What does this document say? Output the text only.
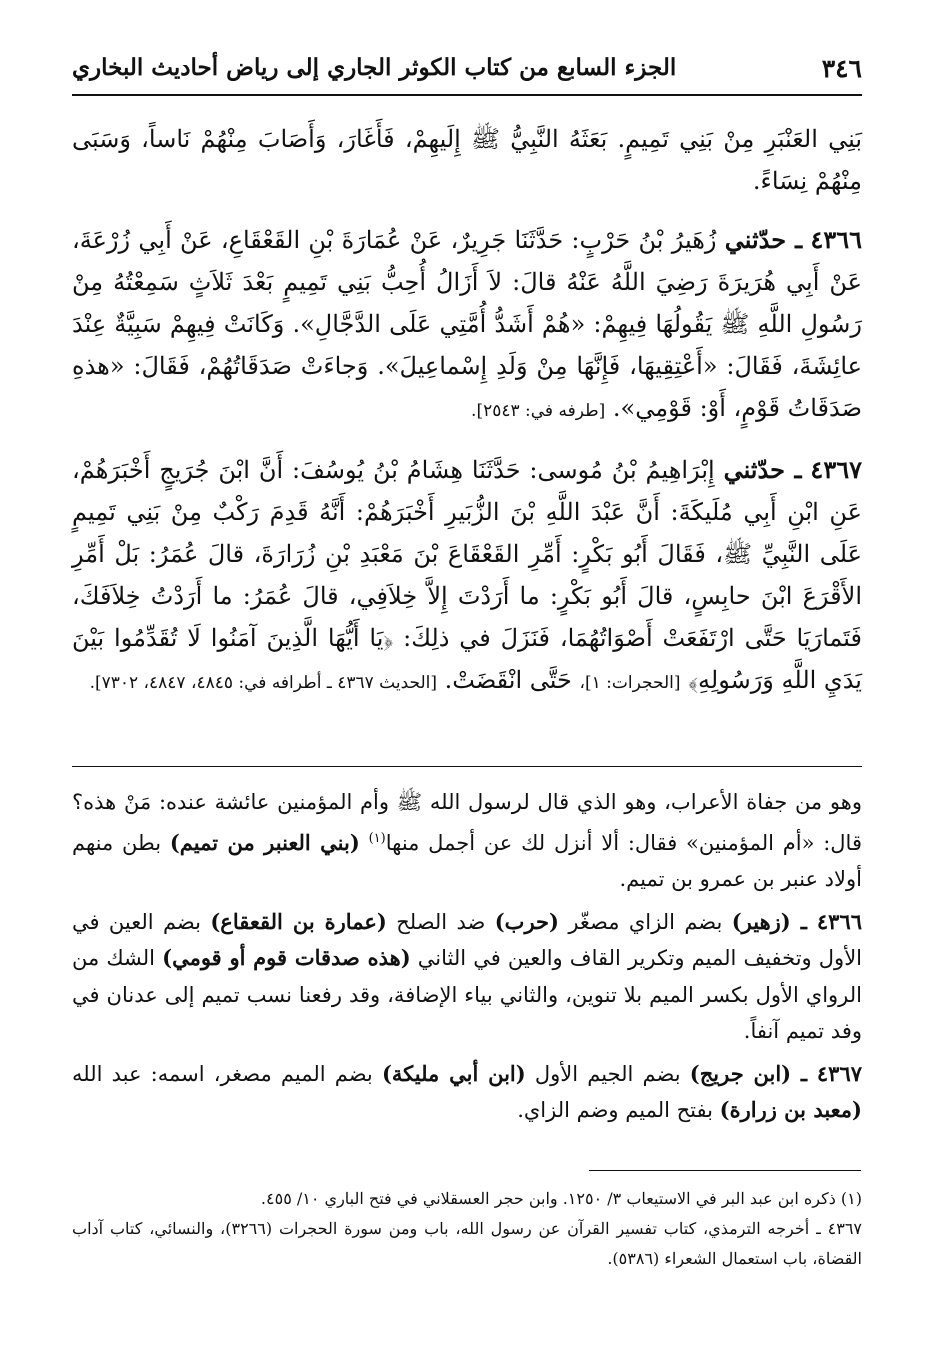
٣٤٦
الجزء السابع من كتاب الكوثر الجاري إلى رياض أحاديث البخاري

بَنِي العَنْبَرِ مِنْ بَنِي تَمِيمٍ. بَعَثَهُ النَّبِيُّ ﷺ إِلَيهِمْ، فَأَغَارَ، وَأَصَابَ مِنْهُمْ نَاساً، وَسَبَى مِنْهُمْ نِسَاءً.

٤٣٦٦ ـ حدّثني زُهَيرُ بْنُ حَرْبٍ: حَدَّثَنَا جَرِيرٌ، عَنْ عُمَارَةَ بْنِ القَعْقَاعِ، عَنْ أَبِي زُرْعَةَ، عَنْ أَبِي هُرَيرَةَ رَضِيَ اللَّهُ عَنْهُ قالَ: لاَ أَزَالُ أُحِبُّ بَنِي تَمِيمٍ بَعْدَ ثَلاَثٍ سَمِعْتُهُ مِنْ رَسُولِ اللَّهِ ﷺ يَقُولُهَا فِيهِمْ: «هُمْ أَشَدُّ أُمَّتِي عَلَى الدَّجَّالِ». وَكَانَتْ فِيهِمْ سَبِيَّةٌ عِنْدَ عائِشَةَ، فَقَالَ: «أَعْتِقِيهَا، فَإِنَّهَا مِنْ وَلَدِ إِسْماعِيلَ». وَجاءَتْ صَدَقَاتُهُمْ، فَقَالَ: «هذهِ صَدَقَاتُ قَوْمٍ، أَوْ: قَوْمِي». [طرفه في: ٢٥٤٣].

٤٣٦٧ ـ حدّثني إِبْرَاهِيمُ بْنُ مُوسى: حَدَّثَنَا هِشَامُ بْنُ يُوسُفَ: أَنَّ ابْنَ جُرَيجٍ أَخْبَرَهُمْ، عَنِ ابْنِ أَبِي مُلَيكَةَ: أَنَّ عَبْدَ اللَّهِ بْنَ الزُّبَيرِ أَخْبَرَهُمْ: أَنَّهُ قَدِمَ رَكْبٌ مِنْ بَنِي تَمِيمٍ عَلَى النَّبِيِّ ﷺ، فَقَالَ أَبُو بَكْرٍ: أَمِّرِ القَعْقَاعَ بْنَ مَعْبَدِ بْنِ زُرَارَةَ، قالَ عُمَرُ: بَلْ أَمِّرِ الأَقْرَعَ ابْنَ حابِسٍ، قالَ أَبُو بَكْرٍ: ما أَرَدْتَ إِلاَّ خِلاَفِي، قالَ عُمَرُ: ما أَرَدْتُ خِلاَفَكَ، فَتَمارَيَا حَتَّى ارْتَفَعَتْ أَصْوَاتُهُمَا، فَنَزَلَ في ذلِكَ: ﴿يَا أَيُّهَا الَّذِينَ آمَنُوا لَا تُقَدِّمُوا بَيْنَ يَدَيِ اللَّهِ وَرَسُولِهِ﴾ [الحجرات: ١]، حَتَّى انْقَضَتْ. [الحديث ٤٣٦٧ ـ أطرافه في: ٤٨٤٥، ٤٨٤٧، ٧٣٠٢].

وهو من جفاة الأعراب، وهو الذي قال لرسول الله ﷺ وأم المؤمنين عائشة عنده: مَنْ هذه؟ قال: «أم المؤمنين» فقال: ألا أنزل لك عن أجمل منها$^{(١)}$ (بني العنبر من تميم) بطن منهم أولاد عنبر بن عمرو بن تميم.

٤٣٦٦ ـ (زهير) بضم الزاي مصغّر (حرب) ضد الصلح (عمارة بن القعقاع) بضم العين في الأول وتخفيف الميم وتكرير القاف والعين في الثاني (هذه صدقات قوم أو قومي) الشك من الرواي الأول بكسر الميم بلا تنوين، والثاني بياء الإضافة، وقد رفعنا نسب تميم إلى عدنان في وفد تميم آنفاً.

٤٣٦٧ ـ (ابن جريج) بضم الجيم الأول (ابن أبي مليكة) بضم الميم مصغر، اسمه: عبد الله (معبد بن زرارة) بفتح الميم وضم الزاي.

(١) ذكره ابن عبد البر في الاستيعاب ٣/ ١٢٥٠. وابن حجر العسقلاني في فتح الباري ١٠/ ٤٥٥.

٤٣٦٧ ـ أخرجه الترمذي، كتاب تفسير القرآن عن رسول الله، باب ومن سورة الحجرات (٣٢٦٦)، والنسائي، كتاب آداب القضاة، باب استعمال الشعراء (٥٣٨٦).
